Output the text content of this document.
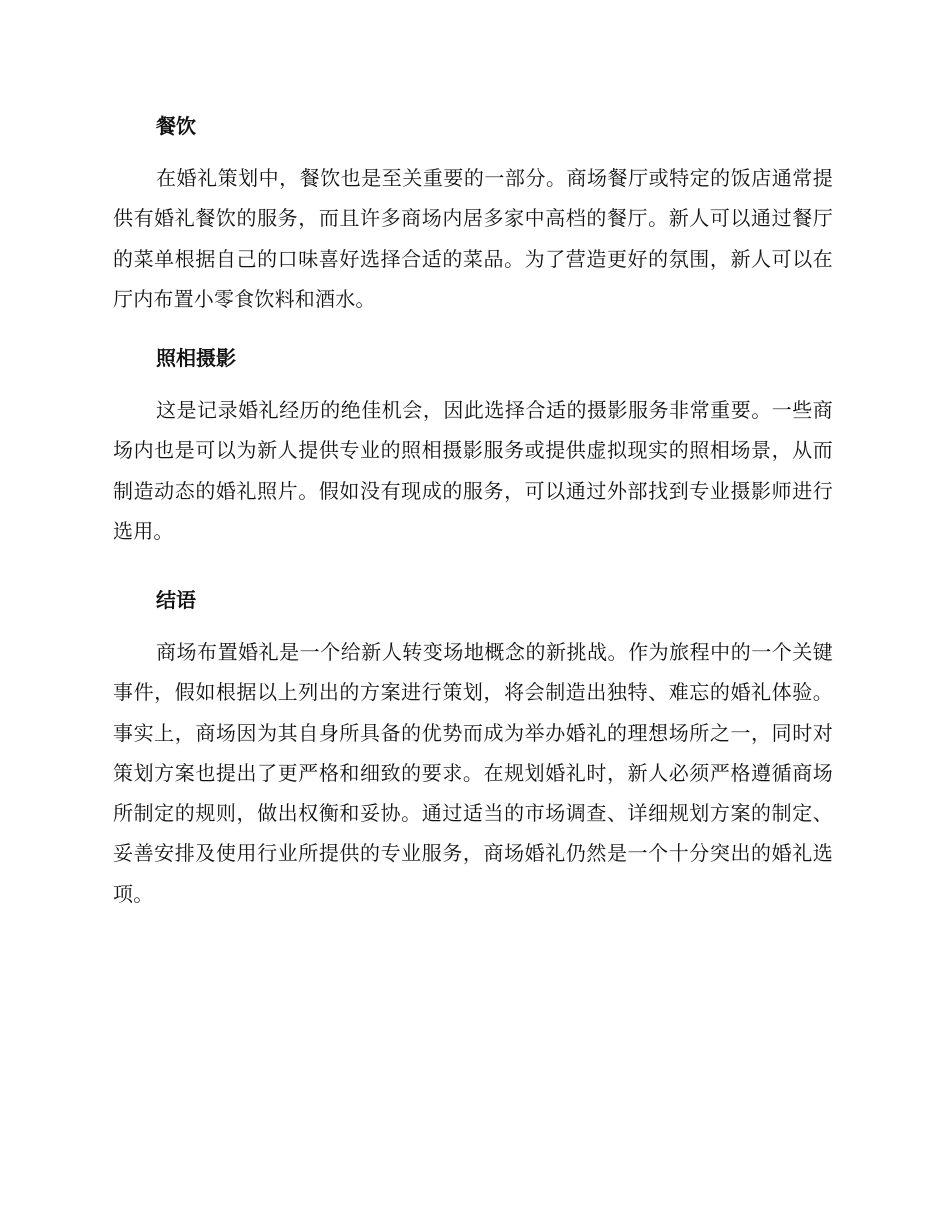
餐饮

在婚礼策划中，餐饮也是至关重要的一部分。商场餐厅或特定的饭店通常提供有婚礼餐饮的服务，而且许多商场内居多家中高档的餐厅。新人可以通过餐厅的菜单根据自己的口味喜好选择合适的菜品。为了营造更好的氛围，新人可以在厅内布置小零食饮料和酒水。

照相摄影

这是记录婚礼经历的绝佳机会，因此选择合适的摄影服务非常重要。一些商场内也是可以为新人提供专业的照相摄影服务或提供虚拟现实的照相场景，从而制造动态的婚礼照片。假如没有现成的服务，可以通过外部找到专业摄影师进行选用。

结语

商场布置婚礼是一个给新人转变场地概念的新挑战。作为旅程中的一个关键事件，假如根据以上列出的方案进行策划，将会制造出独特、难忘的婚礼体验。事实上，商场因为其自身所具备的优势而成为举办婚礼的理想场所之一，同时对策划方案也提出了更严格和细致的要求。在规划婚礼时，新人必须严格遵循商场所制定的规则，做出权衡和妥协。通过适当的市场调查、详细规划方案的制定、妥善安排及使用行业所提供的专业服务，商场婚礼仍然是一个十分突出的婚礼选项。
